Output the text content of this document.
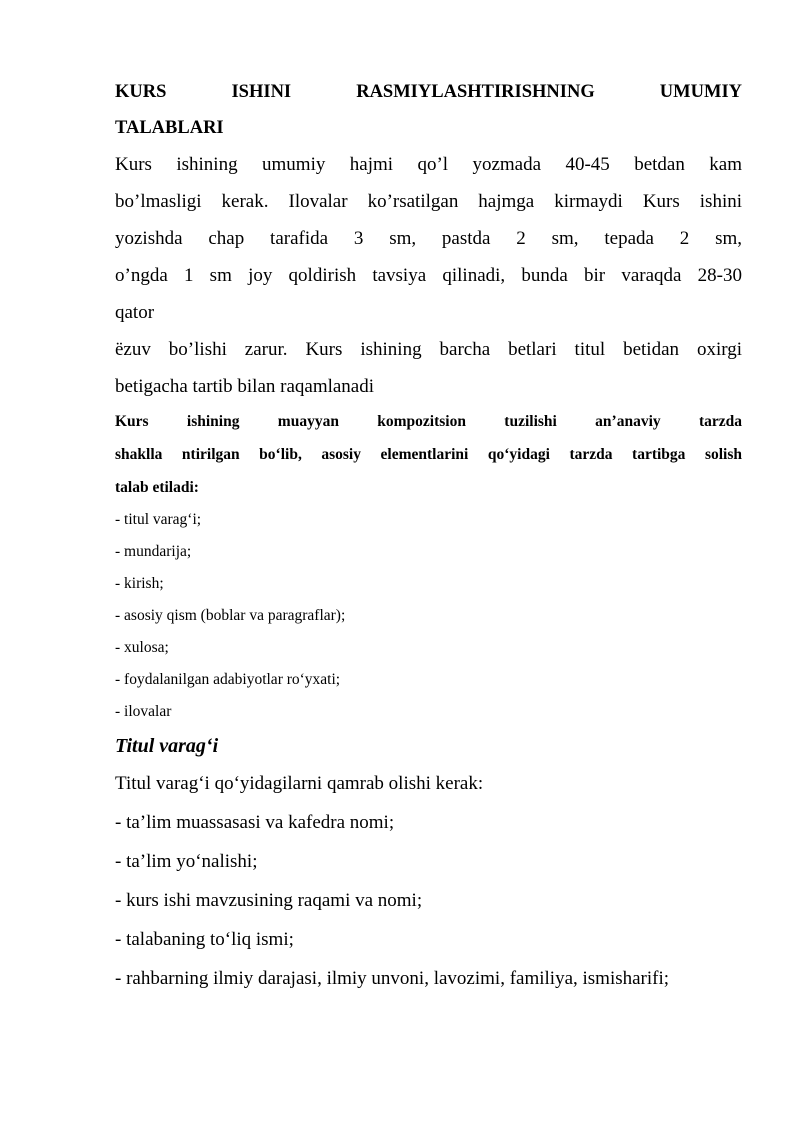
KURS ISHINI RASMIYLASHTIRISHNING UMUMIY
TALABLARI
Kurs ishining umumiy hajmi qo’l yozmada 40-45 betdan kam
bo’lmasligi kerak. Ilovalar ko’rsatilgan hajmga kirmaydi Kurs ishini
yozishda chap tarafida 3 sm, pastda 2 sm, tepada 2 sm,
o’ngda 1 sm joy qoldirish tavsiya qilinadi, bunda bir varaqda 28-30
qator
ëzuv bo’lishi zarur. Kurs ishining barcha betlari titul betidan oxirgi
betigacha tartib bilan raqamlanadi
Kurs ishining muayyan kompozitsion tuzilishi an’anaviy tarzda
shaklla ntirilgan bo‘lib, asosiy elementlarini qo‘yidagi tarzda tartibga solish
talab etiladi:
- titul varag‘i;
- mundarija;
- kirish;
- asosiy qism (boblar va paragraflar);
- xulosa;
- foydalanilgan adabiyotlar ro‘yxati;
- ilovalar
Titul varag‘i
Titul varag‘i qo‘yidagilarni qamrab olishi kerak:
- ta’lim muassasasi va kafedra nomi;
- ta’lim yo‘nalishi;
- kurs ishi mavzusining raqami va nomi;
- talabaning to‘liq ismi;
- rahbarning ilmiy darajasi, ilmiy unvoni, lavozimi, familiya, ismisharifi;
